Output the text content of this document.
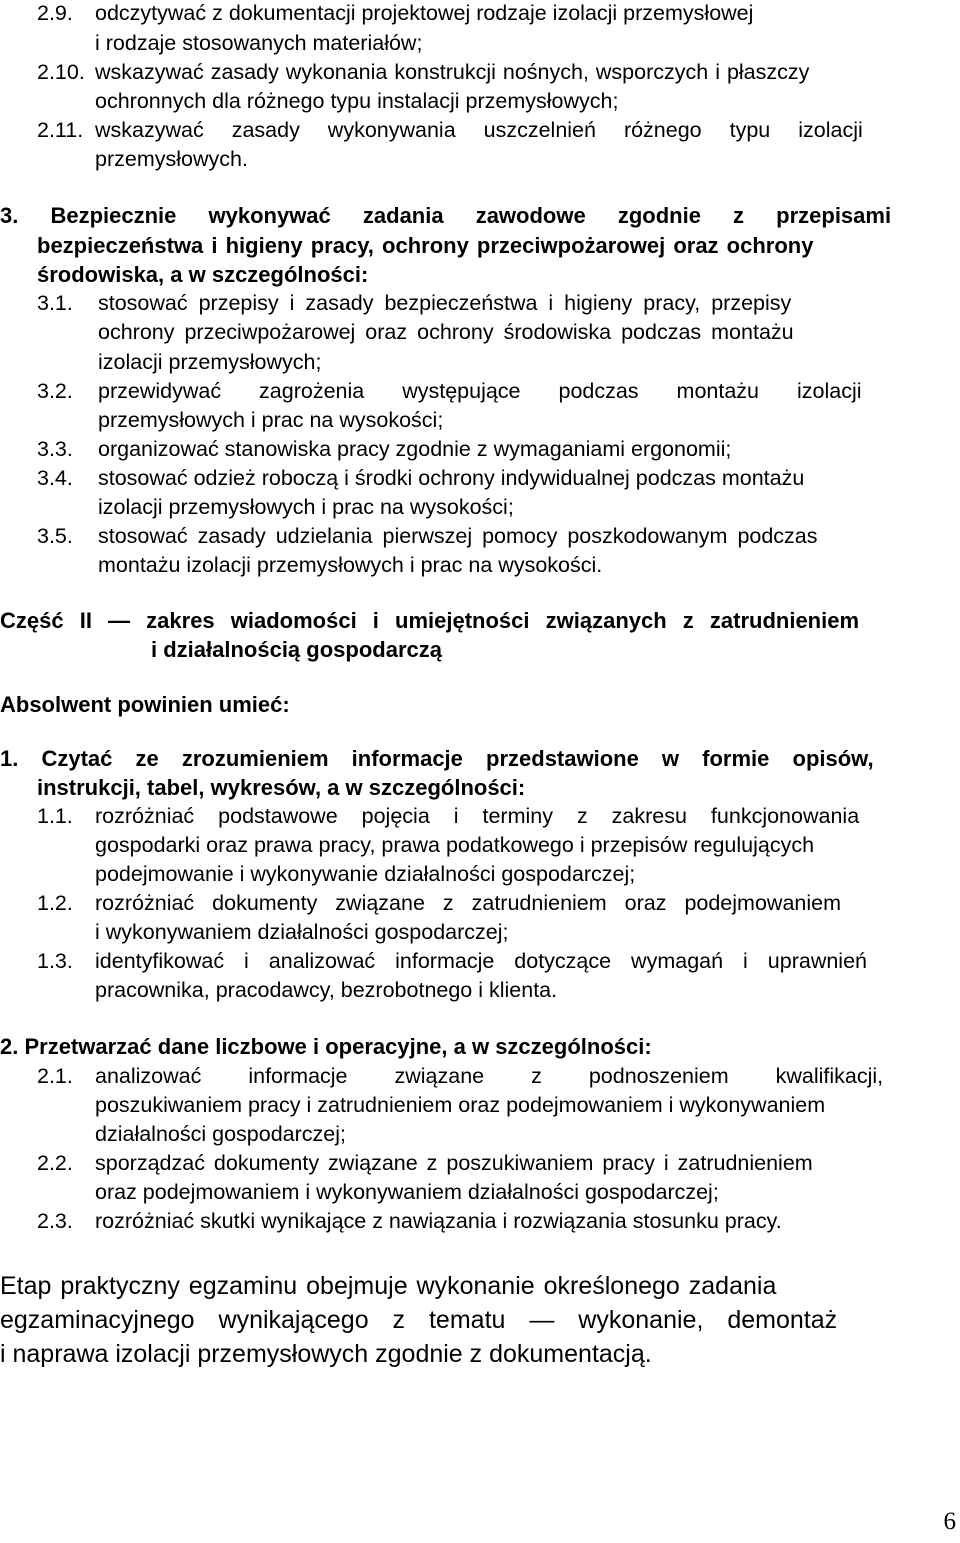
2.9. odczytywać z dokumentacji projektowej rodzaje izolacji przemysłowej
i rodzaje stosowanych materiałów;
2.10. wskazywać zasady wykonania konstrukcji nośnych, wsporczych i płaszczy
ochronnych dla różnego typu instalacji przemysłowych;
2.11. wskazywać zasady wykonywania uszczelnień różnego typu izolacji
przemysłowych.
3. Bezpiecznie wykonywać zadania zawodowe zgodnie z przepisami
bezpieczeństwa i higieny pracy, ochrony przeciwpożarowej oraz ochrony
środowiska, a w szczególności:
3.1. stosować przepisy i zasady bezpieczeństwa i higieny pracy, przepisy
ochrony przeciwpożarowej oraz ochrony środowiska podczas montażu
izolacji przemysłowych;
3.2. przewidywać zagrożenia występujące podczas montażu izolacji
przemysłowych i prac na wysokości;
3.3. organizować stanowiska pracy zgodnie z wymaganiami ergonomii;
3.4. stosować odzież roboczą i środki ochrony indywidualnej podczas montażu
izolacji przemysłowych i prac na wysokości;
3.5. stosować zasady udzielania pierwszej pomocy poszkodowanym podczas
montażu izolacji przemysłowych i prac na wysokości.
Część II — zakres wiadomości i umiejętności związanych z zatrudnieniem
i działalnością gospodarczą
Absolwent powinien umieć:
1. Czytać ze zrozumieniem informacje przedstawione w formie opisów,
instrukcji, tabel, wykresów, a w szczególności:
1.1. rozróżniać podstawowe pojęcia i terminy z zakresu funkcjonowania
gospodarki oraz prawa pracy, prawa podatkowego i przepisów regulujących
podejmowanie i wykonywanie działalności gospodarczej;
1.2. rozróżniać dokumenty związane z zatrudnieniem oraz podejmowaniem
i wykonywaniem działalności gospodarczej;
1.3. identyfikować i analizować informacje dotyczące wymagań i uprawnień
pracownika, pracodawcy, bezrobotnego i klienta.
2. Przetwarzać dane liczbowe i operacyjne, a w szczególności:
2.1. analizować informacje związane z podnoszeniem kwalifikacji,
poszukiwaniem pracy i zatrudnieniem oraz podejmowaniem i wykonywaniem
działalności gospodarczej;
2.2. sporządzać dokumenty związane z poszukiwaniem pracy i zatrudnieniem
oraz podejmowaniem i wykonywaniem działalności gospodarczej;
2.3. rozróżniać skutki wynikające z nawiązania i rozwiązania stosunku pracy.
Etap praktyczny egzaminu obejmuje wykonanie określonego zadania
egzaminacyjnego wynikającego z tematu — wykonanie, demontaż
i naprawa izolacji przemysłowych zgodnie z dokumentacją.
6
